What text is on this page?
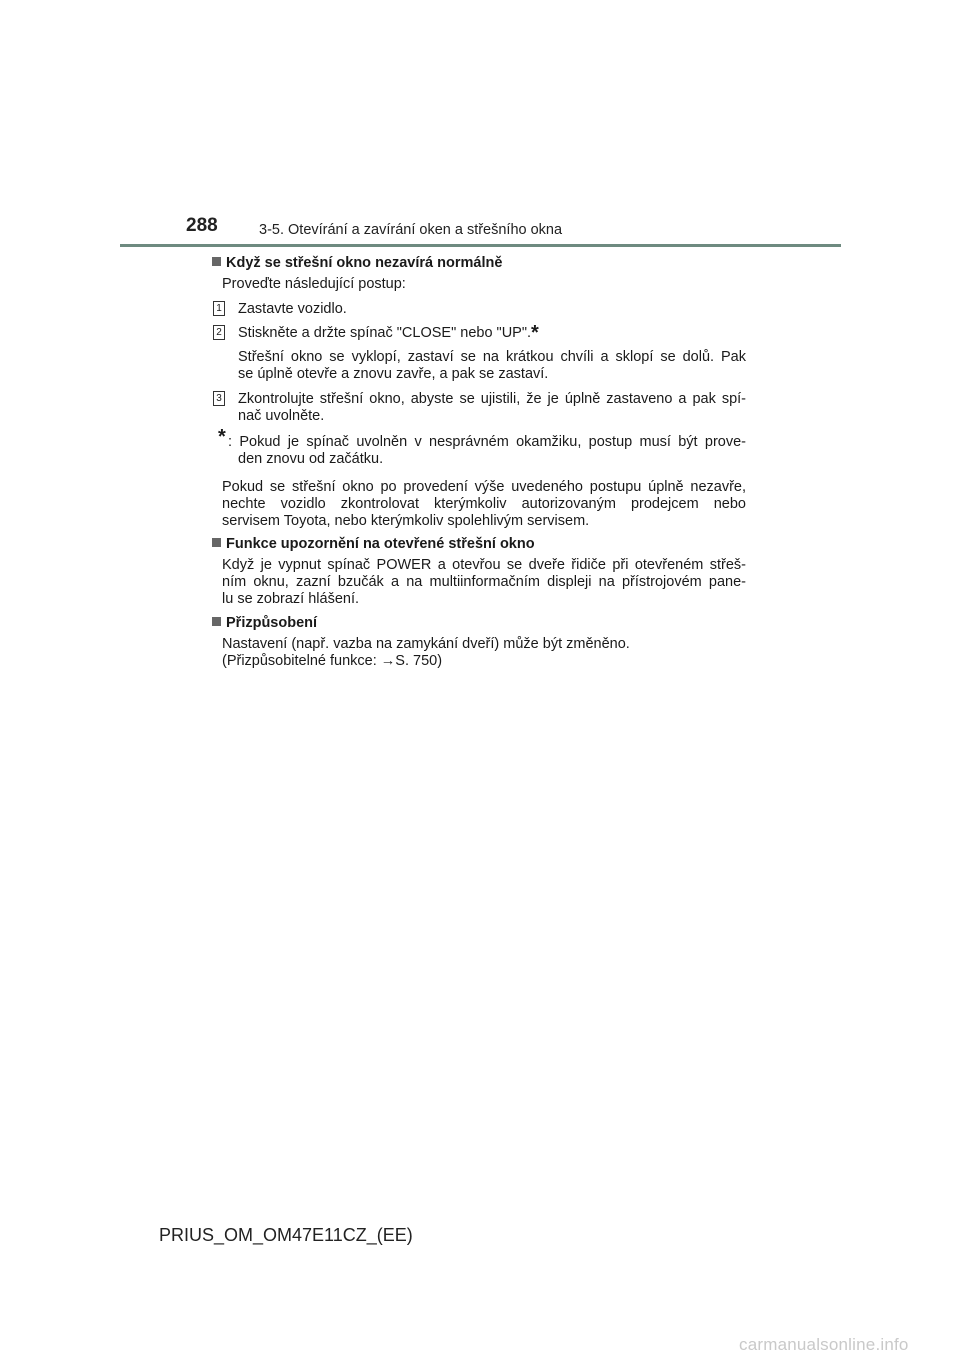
288	3-5. Otevírání a zavírání oken a střešního okna
Když se střešní okno nezavírá normálně
Proveďte následující postup:
1 Zastavte vozidlo.
2 Stiskněte a držte spínač "CLOSE" nebo "UP".*
Střešní okno se vyklopí, zastaví se na krátkou chvíli a sklopí se dolů. Pak
se úplně otevře a znovu zavře, a pak se zastaví.
3 Zkontrolujte střešní okno, abyste se ujistili, že je úplně zastaveno a pak spí-
nač uvolněte.
* : Pokud je spínač uvolněn v nesprávném okamžiku, postup musí být prove-
den znovu od začátku.
Pokud se střešní okno po provedení výše uvedeného postupu úplně nezavře,
nechte vozidlo zkontrolovat kterýmkoliv autorizovaným prodejcem nebo
servisem Toyota, nebo kterýmkoliv spolehlivým servisem.
Funkce upozornění na otevřené střešní okno
Když je vypnut spínač POWER a otevřou se dveře řidiče při otevřeném střeš-
ním oknu, zazní bzučák a na multiinformačním displeji na přístrojovém pane-
lu se zobrazí hlášení.
Přizpůsobení
Nastavení (např. vazba na zamykání dveří) může být změněno.
(Přizpůsobitelné funkce: →S. 750)
PRIUS_OM_OM47E11CZ_(EE)
carmanualsonline.info
